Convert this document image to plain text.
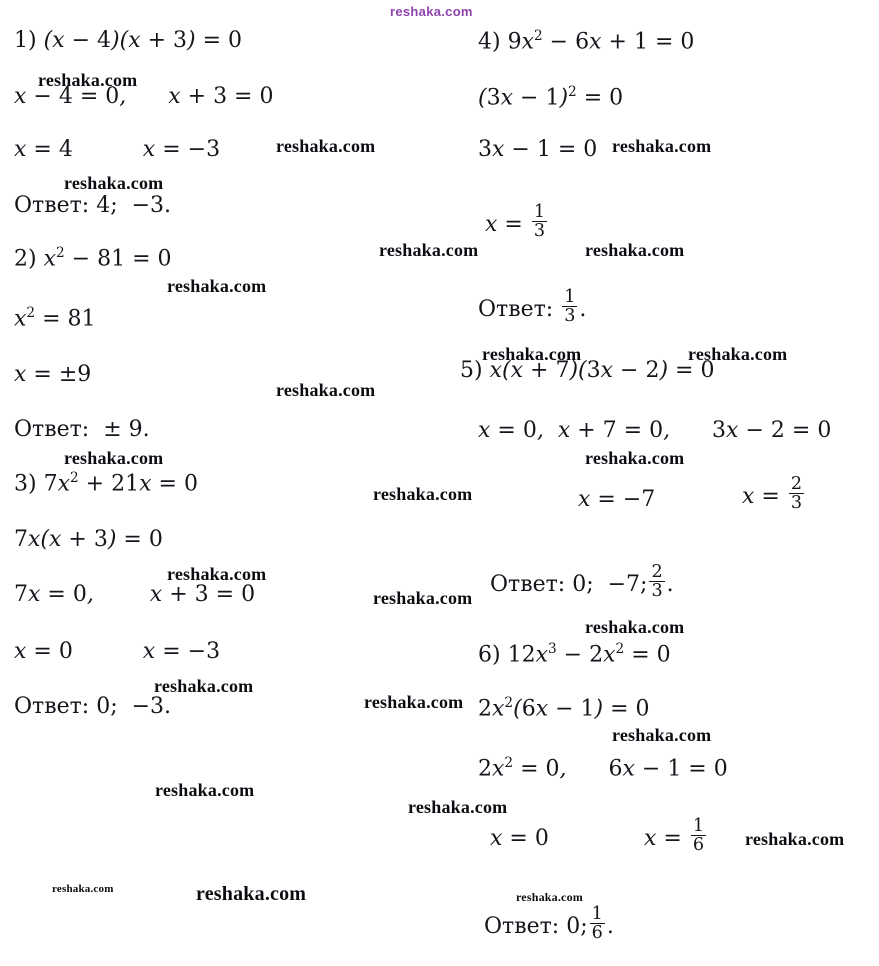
reshaka.com
1) (x − 4)(x + 3) = 0
x − 4 = 0,      x + 3 = 0
x = 4	x = −3
Ответ: 4;  −3.
2) $x^2 - 81 = 0$
$x^2 = 81$
x = ±9
Ответ: ± 9.
3) $7x^2 + 21x = 0$
7x(x + 3) = 0
7x = 0,        x + 3 = 0
x = 0	x = −3
Ответ: 0;  −3.
4) $9x^2 - 6x + 1 = 0$
$(3x - 1)^2 = 0$
3x − 1 = 0
$x = \frac{1}{3}$
Ответ: $\frac{1}{3}$ .
5) x(x + 7)(3x − 2) = 0
x = 0,  x + 7 = 0,      3x − 2 = 0
x = −7	$x = \frac{2}{3}$
Ответ: 0;  −7; $\frac{2}{3}$ .
6) $12x^3 - 2x^2 = 0$
$2x^2(6x - 1) = 0$
$2x^2 = 0$,      6x − 1 = 0
x = 0	$x = \frac{1}{6}$
Ответ: 0; $\frac{1}{6}$ .
reshaka.com
reshaka.com	reshaka.com
reshaka.com
reshaka.com
reshaka.com	reshaka.com
reshaka.com
reshaka.com	reshaka.com
reshaka.com	reshaka.com
reshaka.com
reshaka.com
reshaka.com
reshaka.com
reshaka.com
reshaka.com
reshaka.com
reshaka.com
reshaka.com
reshaka.com
reshaka.com	reshaka.com	reshaka.com
